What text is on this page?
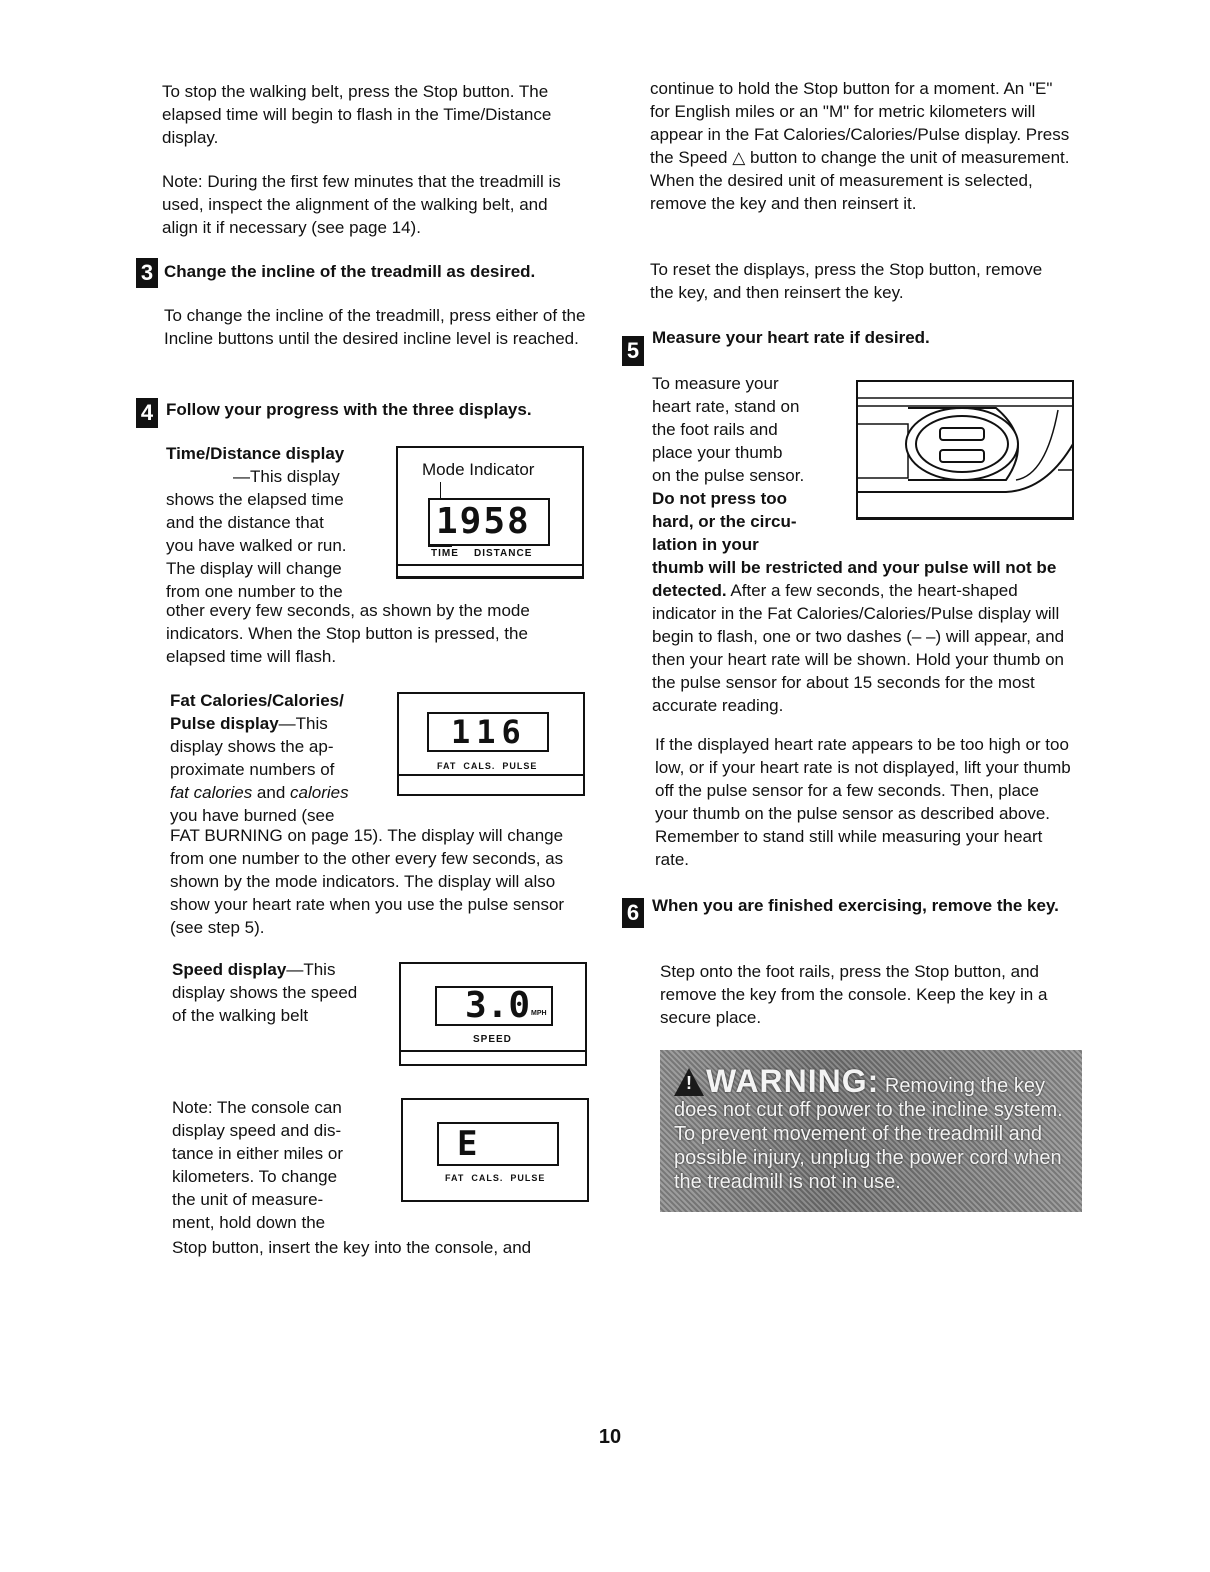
To stop the walking belt, press the Stop button. The elapsed time will begin to flash in the Time/Distance display.

Note: During the first few minutes that the treadmill is used, inspect the alignment of the walking belt, and align it if necessary (see page 14).

3 Change the incline of the treadmill as desired.

To change the incline of the treadmill, press either of the Incline buttons until the desired incline level is reached.

4 Follow your progress with the three displays.
Time/Distance display
—This display
shows the elapsed time
and the distance that
you have walked or run.
The display will change
from one number to the

other every few seconds, as shown by the mode indicators. When the Stop button is pressed, the elapsed time will flash.

Mode Indicator
1958
TIME    DISTANCE
Fat Calories/Calories/
Pulse display—This
display shows the ap-
proximate numbers of
fat calories and calories
you have burned (see

FAT BURNING on page 15). The display will change from one number to the other every few seconds, as shown by the mode indicators. The display will also show your heart rate when you use the pulse sensor (see step 5).

116
FAT  CALS.  PULSE
Speed display—This
display shows the speed
of the walking belt	3.0 MPH
SPEED
Note: The console can
display speed and dis-
tance in either miles or
kilometers. To change
the unit of measure-
ment, hold down the

Stop button, insert the key into the console, and

E
FAT  CALS.  PULSE

continue to hold the Stop button for a moment. An "E" for English miles or an "M" for metric kilometers will appear in the Fat Calories/Calories/Pulse display. Press the Speed △ button to change the unit of measurement. When the desired unit of measurement is selected, remove the key and then reinsert it.

To reset the displays, press the Stop button, remove the key, and then reinsert the key.

5
Measure your heart rate if desired.
To measure your
heart rate, stand on
the foot rails and
place your thumb
on the pulse sensor.
Do not press too
hard, or the circu-
lation in your

thumb will be restricted and your pulse will not be detected. After a few seconds, the heart-shaped indicator in the Fat Calories/Calories/Pulse display will begin to flash, one or two dashes (– –) will appear, and then your heart rate will be shown. Hold your thumb on the pulse sensor for about 15 seconds for the most accurate reading.

If the displayed heart rate appears to be too high or too low, or if your heart rate is not displayed, lift your thumb off the pulse sensor for a few seconds. Then, place your thumb on the pulse sensor as described above. Remember to stand still while measuring your heart rate.

6 When you are finished exercising, remove the key.

Step onto the foot rails, press the Stop button, and remove the key from the console. Keep the key in a secure place.

! WARNING: Removing the key does not cut off power to the incline system. To prevent movement of the treadmill and possible injury, unplug the power cord when the treadmill is not in use.
10
